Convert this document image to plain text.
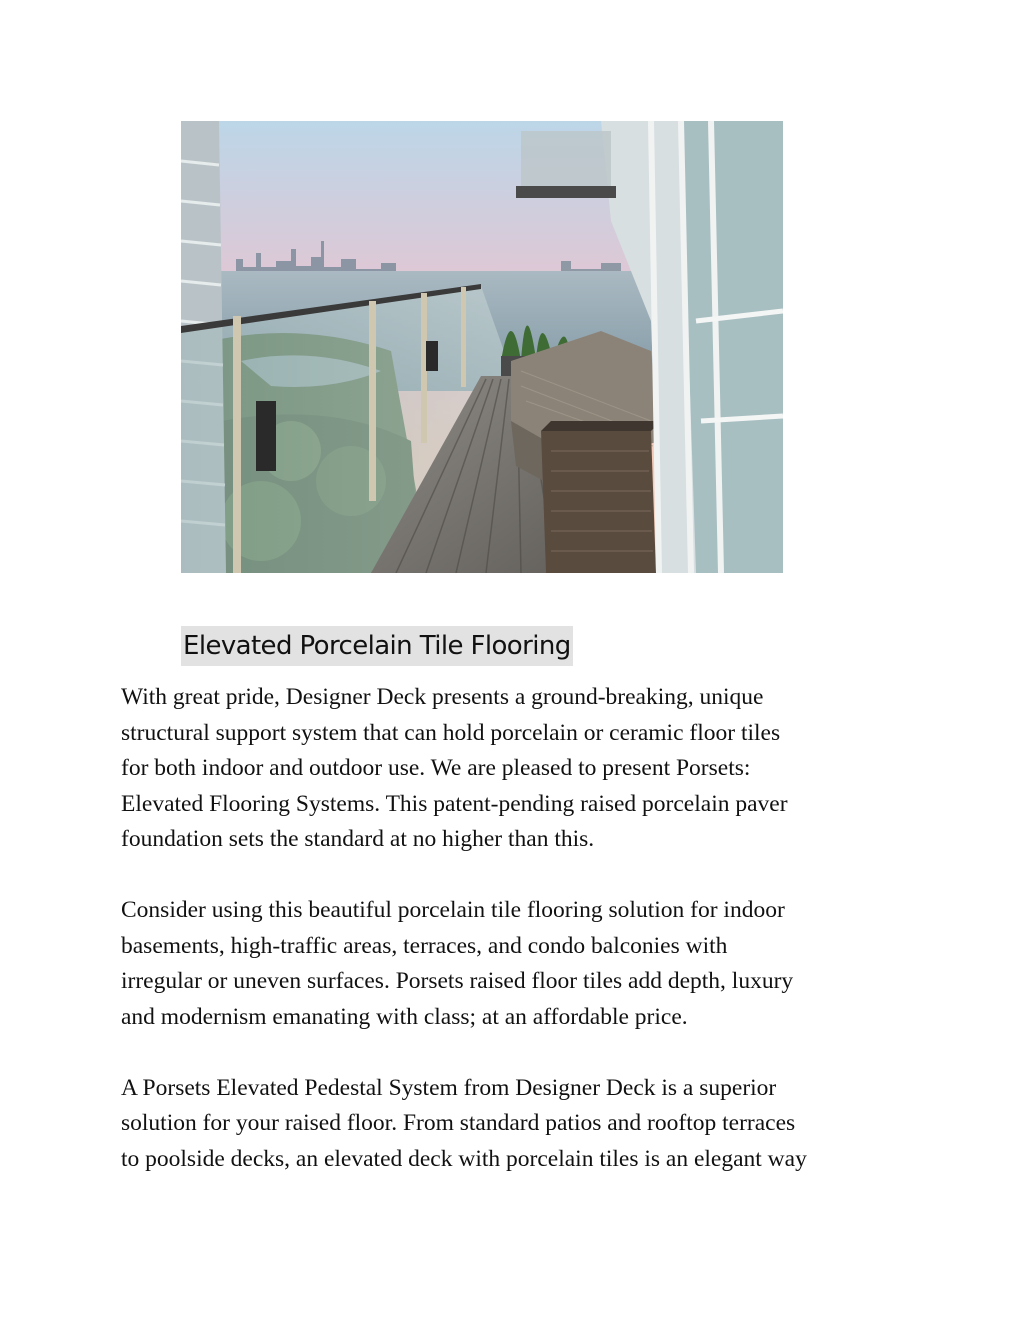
Elevated Porcelain Tile Flooring

With great pride, Designer Deck presents a ground-breaking, unique
structural support system that can hold porcelain or ceramic floor tiles
for both indoor and outdoor use. We are pleased to present Porsets:
Elevated Flooring Systems. This patent-pending raised porcelain paver
foundation sets the standard at no higher than this.

Consider using this beautiful porcelain tile flooring solution for indoor
basements, high-traffic areas, terraces, and condo balconies with
irregular or uneven surfaces. Porsets raised floor tiles add depth, luxury
and modernism emanating with class; at an affordable price.

A Porsets Elevated Pedestal System from Designer Deck is a superior
solution for your raised floor. From standard patios and rooftop terraces
to poolside decks, an elevated deck with porcelain tiles is an elegant way
